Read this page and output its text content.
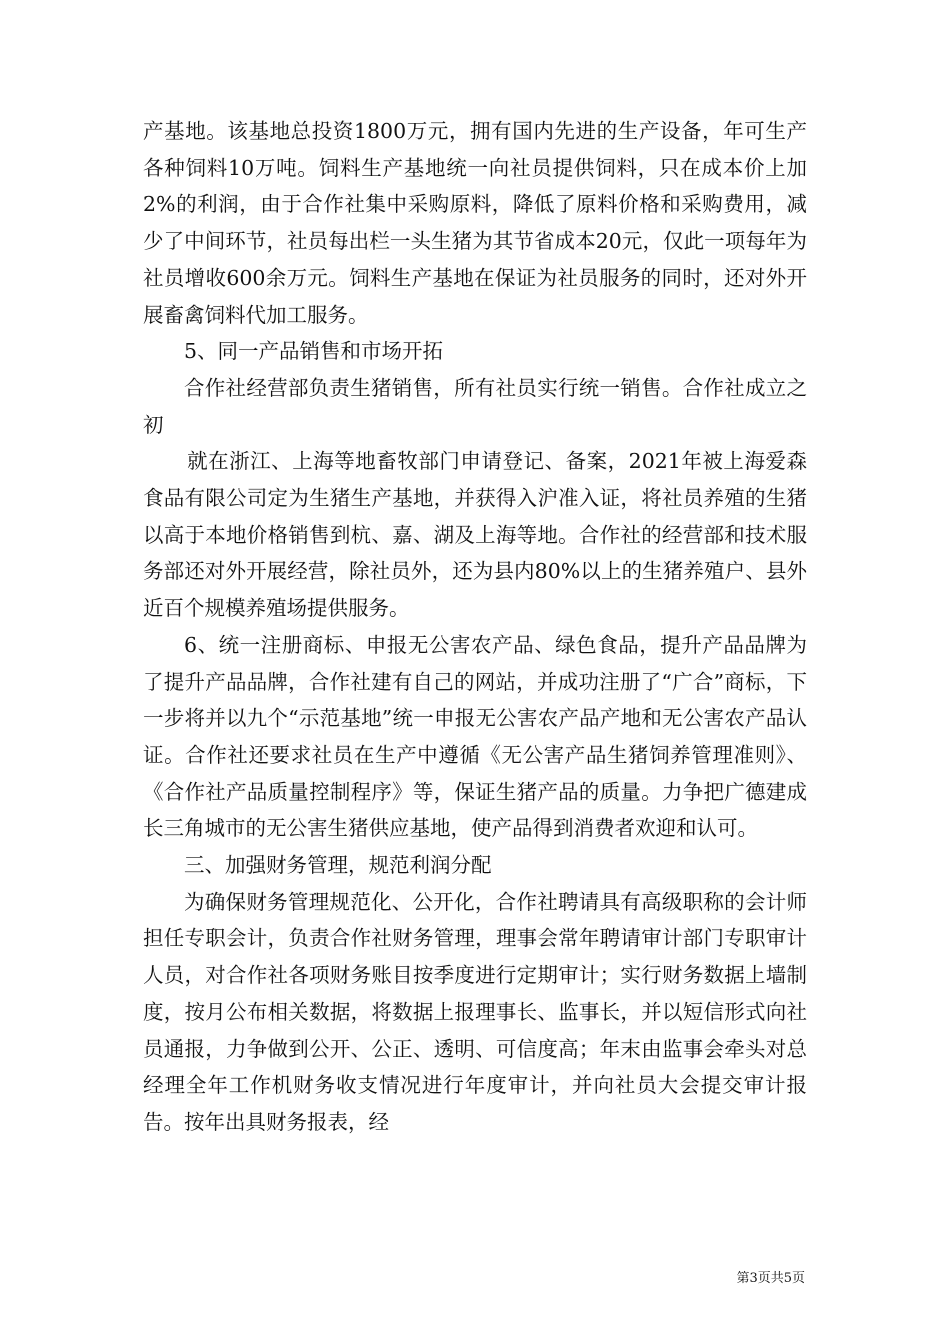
产基地。该基地总投资1800万元，拥有国内先进的生产设备，年可生产各种饲料10万吨。饲料生产基地统一向社员提供饲料，只在成本价上加2%的利润，由于合作社集中采购原料，降低了原料价格和采购费用，减少了中间环节，社员每出栏一头生猪为其节省成本20元，仅此一项每年为社员增收600余万元。饲料生产基地在保证为社员服务的同时，还对外开展畜禽饲料代加工服务。

5、同一产品销售和市场开拓

合作社经营部负责生猪销售，所有社员实行统一销售。合作社成立之初

就在浙江、上海等地畜牧部门申请登记、备案，2021年被上海爱森食品有限公司定为生猪生产基地，并获得入沪准入证，将社员养殖的生猪以高于本地价格销售到杭、嘉、湖及上海等地。合作社的经营部和技术服务部还对外开展经营，除社员外，还为县内80%以上的生猪养殖户、县外近百个规模养殖场提供服务。

6、统一注册商标、申报无公害农产品、绿色食品，提升产品品牌为了提升产品品牌，合作社建有自己的网站，并成功注册了“广合”商标，下一步将并以九个“示范基地”统一申报无公害农产品产地和无公害农产品认证。合作社还要求社员在生产中遵循《无公害产品生猪饲养管理准则》、《合作社产品质量控制程序》等，保证生猪产品的质量。力争把广德建成长三角城市的无公害生猪供应基地，使产品得到消费者欢迎和认可。

三、加强财务管理，规范利润分配

为确保财务管理规范化、公开化，合作社聘请具有高级职称的会计师担任专职会计，负责合作社财务管理，理事会常年聘请审计部门专职审计人员，对合作社各项财务账目按季度进行定期审计；实行财务数据上墙制度，按月公布相关数据，将数据上报理事长、监事长，并以短信形式向社员通报，力争做到公开、公正、透明、可信度高；年末由监事会牵头对总经理全年工作机财务收支情况进行年度审计，并向社员大会提交审计报告。按年出具财务报表，经

第3页共5页
